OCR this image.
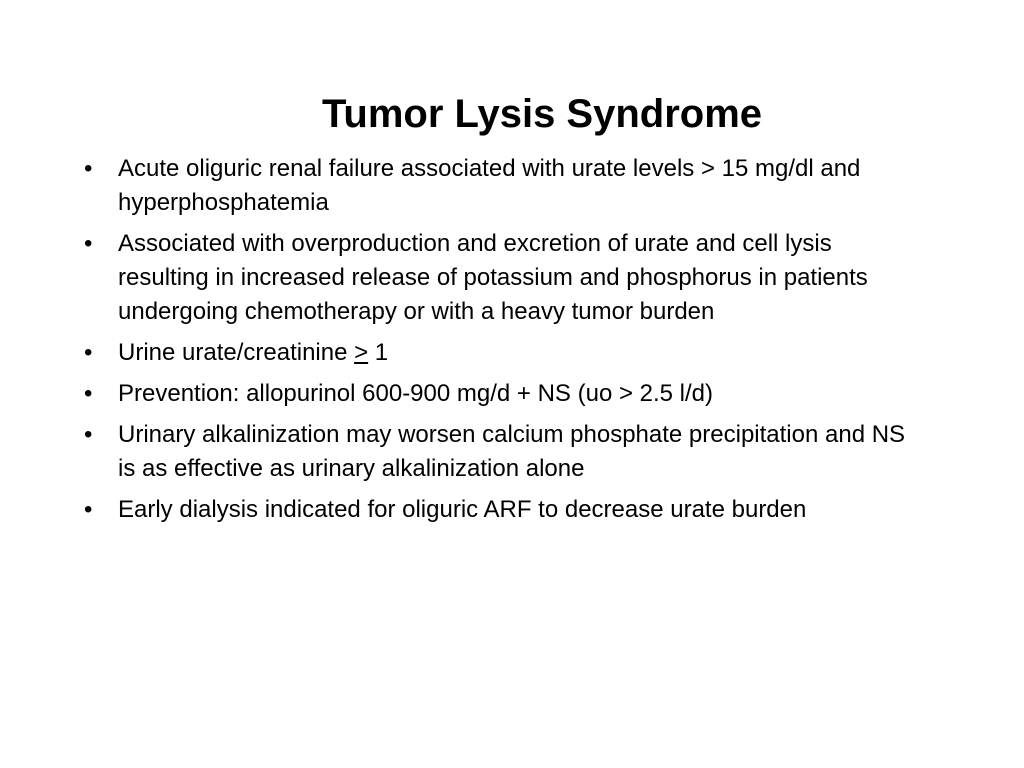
Tumor Lysis Syndrome
•	Acute oliguric renal failure associated with urate levels > 15 mg/dl and hyperphosphatemia
•	Associated with overproduction and excretion of urate and cell lysis resulting in increased release of potassium and phosphorus in patients undergoing chemotherapy or with a heavy tumor burden
•	Urine urate/creatinine ≥ 1
•	Prevention: allopurinol 600-900 mg/d + NS (uo > 2.5 l/d)
•	Urinary alkalinization may worsen calcium phosphate precipitation and NS is as effective as urinary alkalinization alone
•	Early dialysis indicated for oliguric ARF to decrease urate burden
